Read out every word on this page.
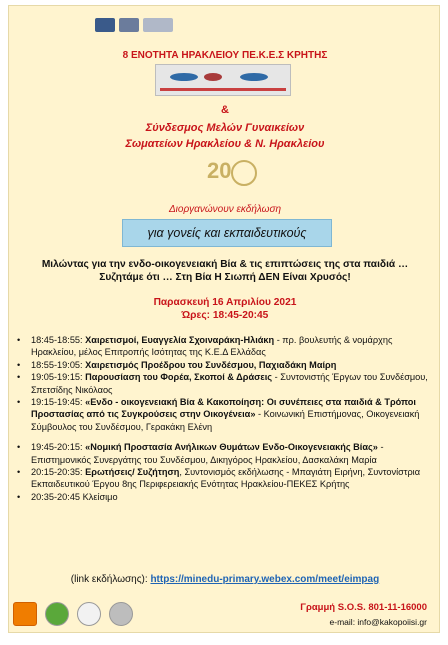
8 ΕΝΟΤΗΤΑ ΗΡΑΚΛΕΙΟΥ ΠΕ.Κ.Ε.Σ ΚΡΗΤΗΣ
&
Σύνδεσμος Μελών Γυναικείων
Σωματείων Ηρακλείου & Ν. Ηρακλείου
20
Διοργανώνουν εκδήλωση
για γονείς και εκπαιδευτικούς
Μιλώντας για την ενδο-οικογενειακή Βία & τις επιπτώσεις της στα παιδιά …
Συζητάμε ότι … Στη Βία Η Σιωπή ΔΕΝ Είναι Χρυσός!
Παρασκευή 16 Απριλίου 2021
Ώρες: 18:45-20:45
• 18:45-18:55: Χαιρετισμοί, Ευαγγελία Σχοιναράκη-Ηλιάκη - πρ. βουλευτής & νομάρχης Ηρακλείου, μέλος Επιτροπής Ισότητας της Κ.Ε.Δ Ελλάδας
• 18:55-19:05: Χαιρετισμός Προέδρου του Συνδέσμου, Παχιαδάκη Μαίρη
• 19:05-19:15: Παρουσίαση του Φορέα, Σκοποί & Δράσεις - Συντονιστής Έργων του Συνδέσμου, Σπετσίδης Νικόλαος
• 19:15-19:45: «Ενδο - οικογενειακή Βία & Κακοποίηση: Οι συνέπειες στα παιδιά & Τρόποι Προστασίας από τις Συγκρούσεις στην Οικογένεια» - Κοινωνική Επιστήμονας, Οικογενειακή Σύμβουλος του Συνδέσμου, Γερακάκη Ελένη
• 19:45-20:15: «Νομική Προστασία Ανήλικων Θυμάτων Ενδο-Οικογενειακής Βίας» - Επιστημονικός Συνεργάτης του Συνδέσμου, Δικηγόρος Ηρακλείου, Δασκαλάκη Μαρία
• 20:15-20:35: Ερωτήσεις/ Συζήτηση, Συντονισμός εκδήλωσης - Μπαγιάτη Ειρήνη, Συντονίστρια Εκπαιδευτικού Έργου 8ης Περιφερειακής Ενότητας Ηρακλείου-ΠΕΚΕΣ Κρήτης
• 20:35-20:45 Κλείσιμο
(link εκδήλωσης): https://minedu-primary.webex.com/meet/eimpag
Γραμμή S.O.S. 801-11-16000
e-mail: info@kakopoiisi.gr
